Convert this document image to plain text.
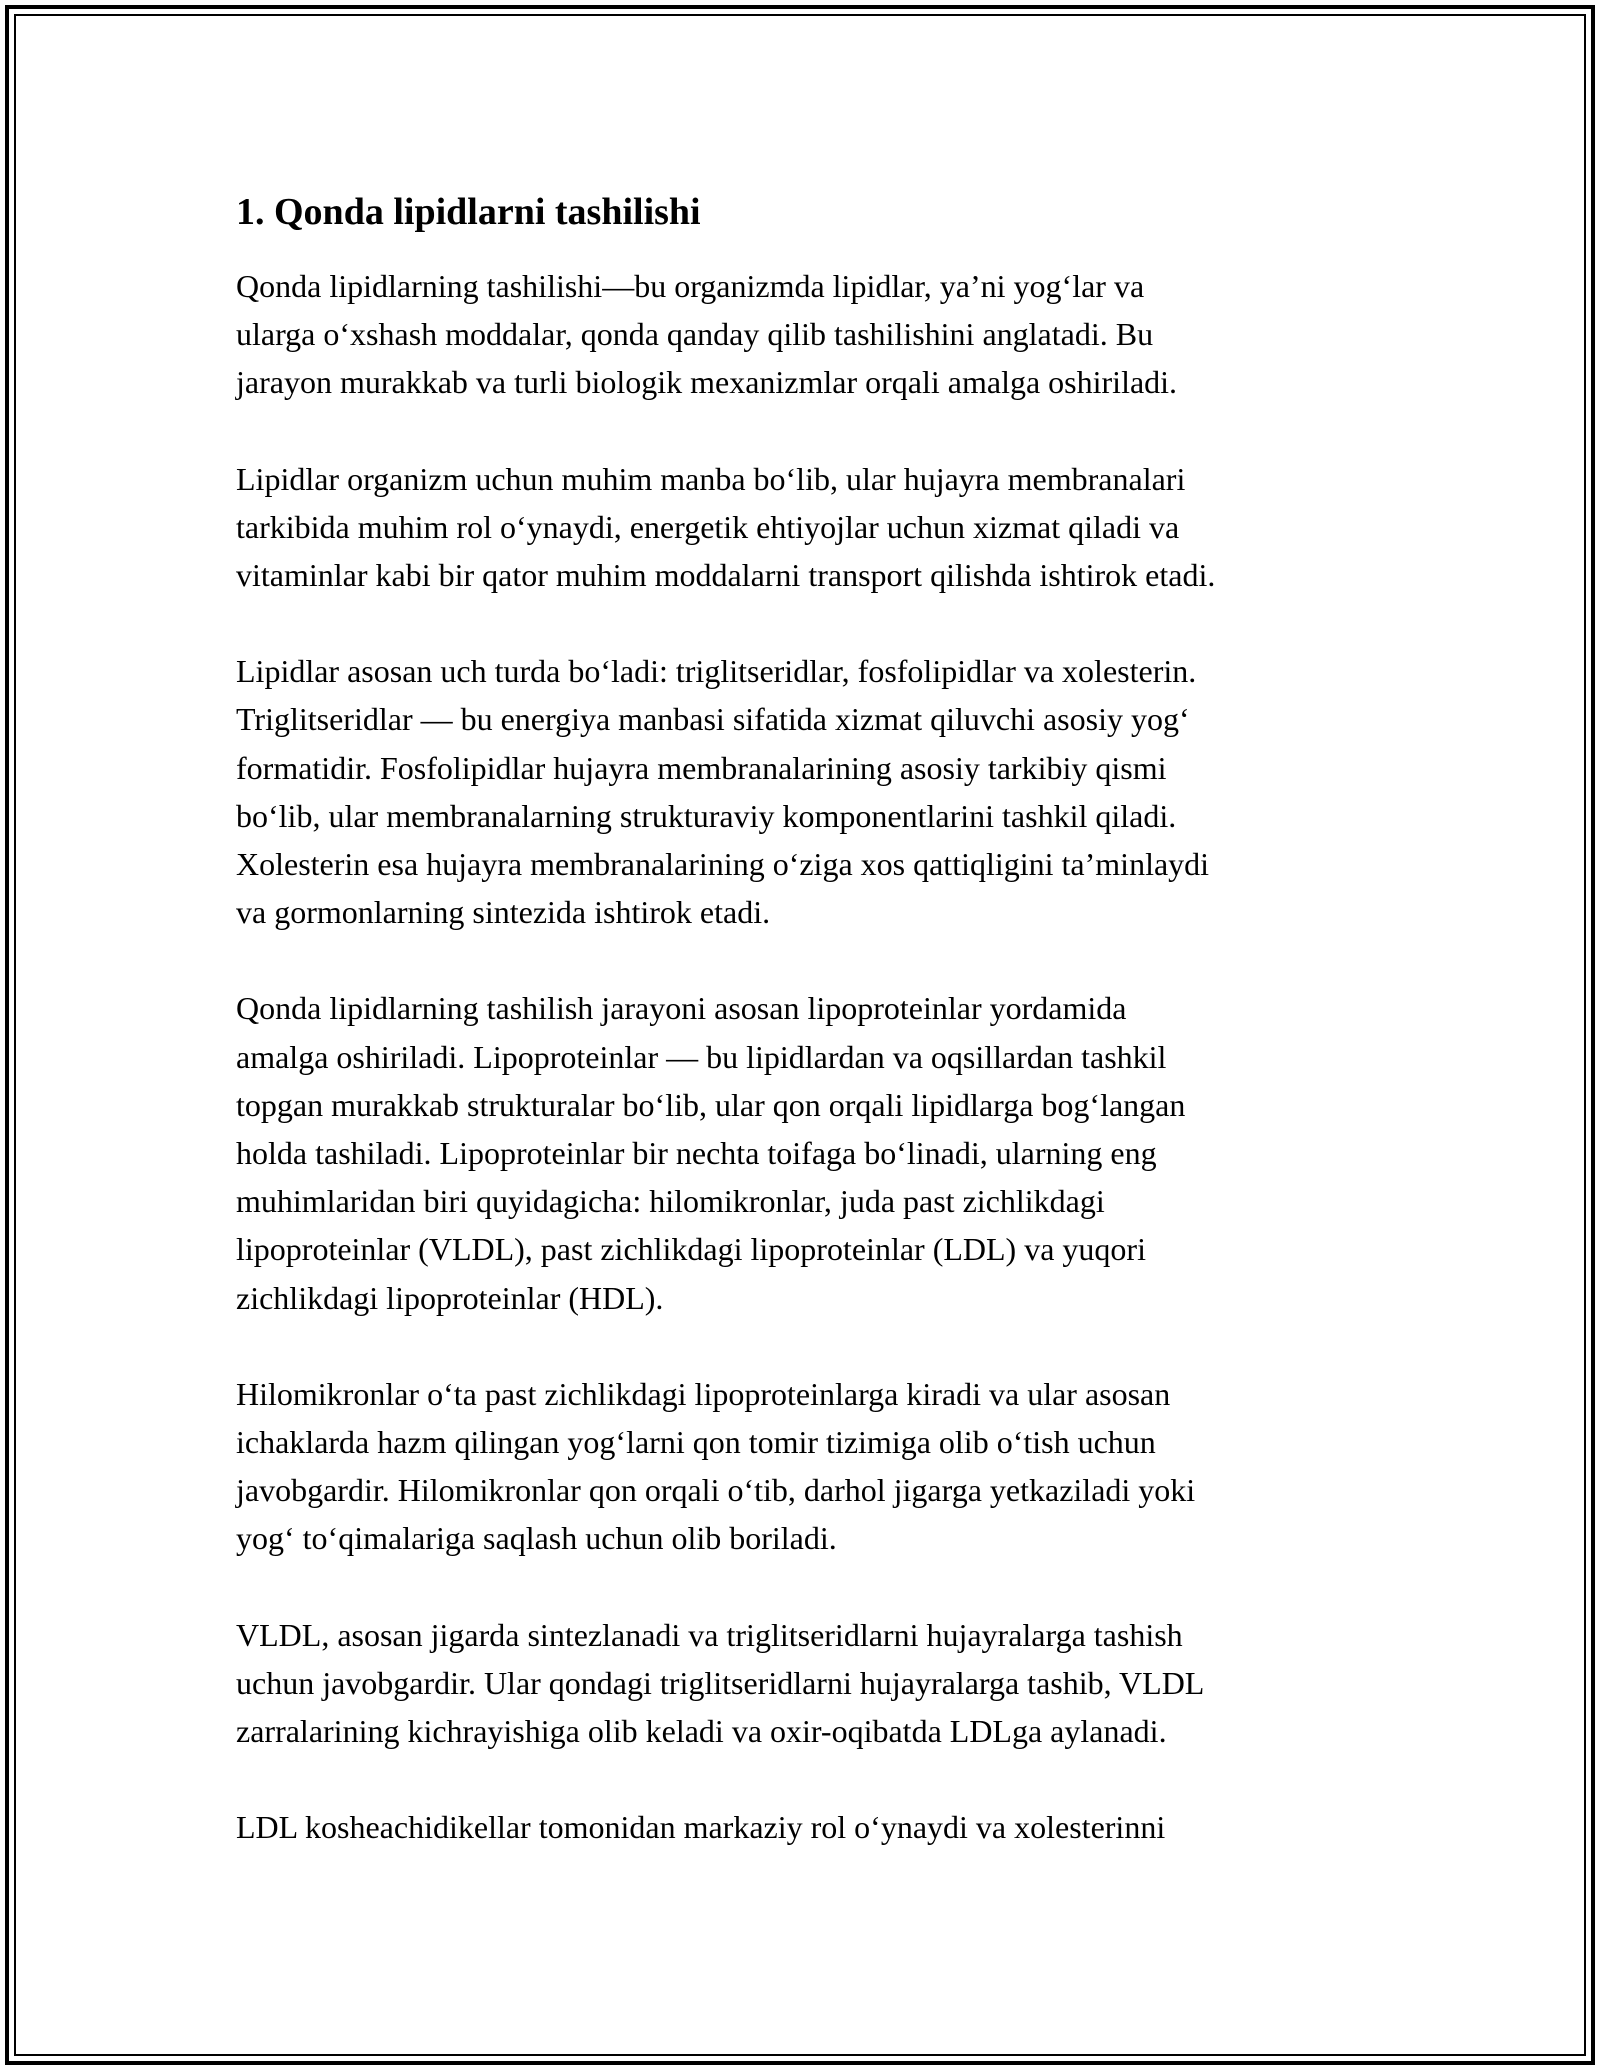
1. Qonda lipidlarni tashilishi

Qonda lipidlarning tashilishi—bu organizmda lipidlar, ya’ni yog‘lar va
ularga o‘xshash moddalar, qonda qanday qilib tashilishini anglatadi. Bu
jarayon murakkab va turli biologik mexanizmlar orqali amalga oshiriladi.

Lipidlar organizm uchun muhim manba bo‘lib, ular hujayra membranalari
tarkibida muhim rol o‘ynaydi, energetik ehtiyojlar uchun xizmat qiladi va
vitaminlar kabi bir qator muhim moddalarni transport qilishda ishtirok etadi.

Lipidlar asosan uch turda bo‘ladi: triglitseridlar, fosfolipidlar va xolesterin.
Triglitseridlar — bu energiya manbasi sifatida xizmat qiluvchi asosiy yog‘
formatidir. Fosfolipidlar hujayra membranalarining asosiy tarkibiy qismi
bo‘lib, ular membranalarning strukturaviy komponentlarini tashkil qiladi.
Xolesterin esa hujayra membranalarining o‘ziga xos qattiqligini ta’minlaydi
va gormonlarning sintezida ishtirok etadi.

Qonda lipidlarning tashilish jarayoni asosan lipoproteinlar yordamida
amalga oshiriladi. Lipoproteinlar — bu lipidlardan va oqsillardan tashkil
topgan murakkab strukturalar bo‘lib, ular qon orqali lipidlarga bog‘langan
holda tashiladi. Lipoproteinlar bir nechta toifaga bo‘linadi, ularning eng
muhimlaridan biri quyidagicha: hilomikronlar, juda past zichlikdagi
lipoproteinlar (VLDL), past zichlikdagi lipoproteinlar (LDL) va yuqori
zichlikdagi lipoproteinlar (HDL).

Hilomikronlar o‘ta past zichlikdagi lipoproteinlarga kiradi va ular asosan
ichaklarda hazm qilingan yog‘larni qon tomir tizimiga olib o‘tish uchun
javobgardir. Hilomikronlar qon orqali o‘tib, darhol jigarga yetkaziladi yoki
yog‘ to‘qimalariga saqlash uchun olib boriladi.

VLDL, asosan jigarda sintezlanadi va triglitseridlarni hujayralarga tashish
uchun javobgardir. Ular qondagi triglitseridlarni hujayralarga tashib, VLDL
zarralarining kichrayishiga olib keladi va oxir-oqibatda LDLga aylanadi.

LDL kosheachidikellar tomonidan markaziy rol o‘ynaydi va xolesterinni
